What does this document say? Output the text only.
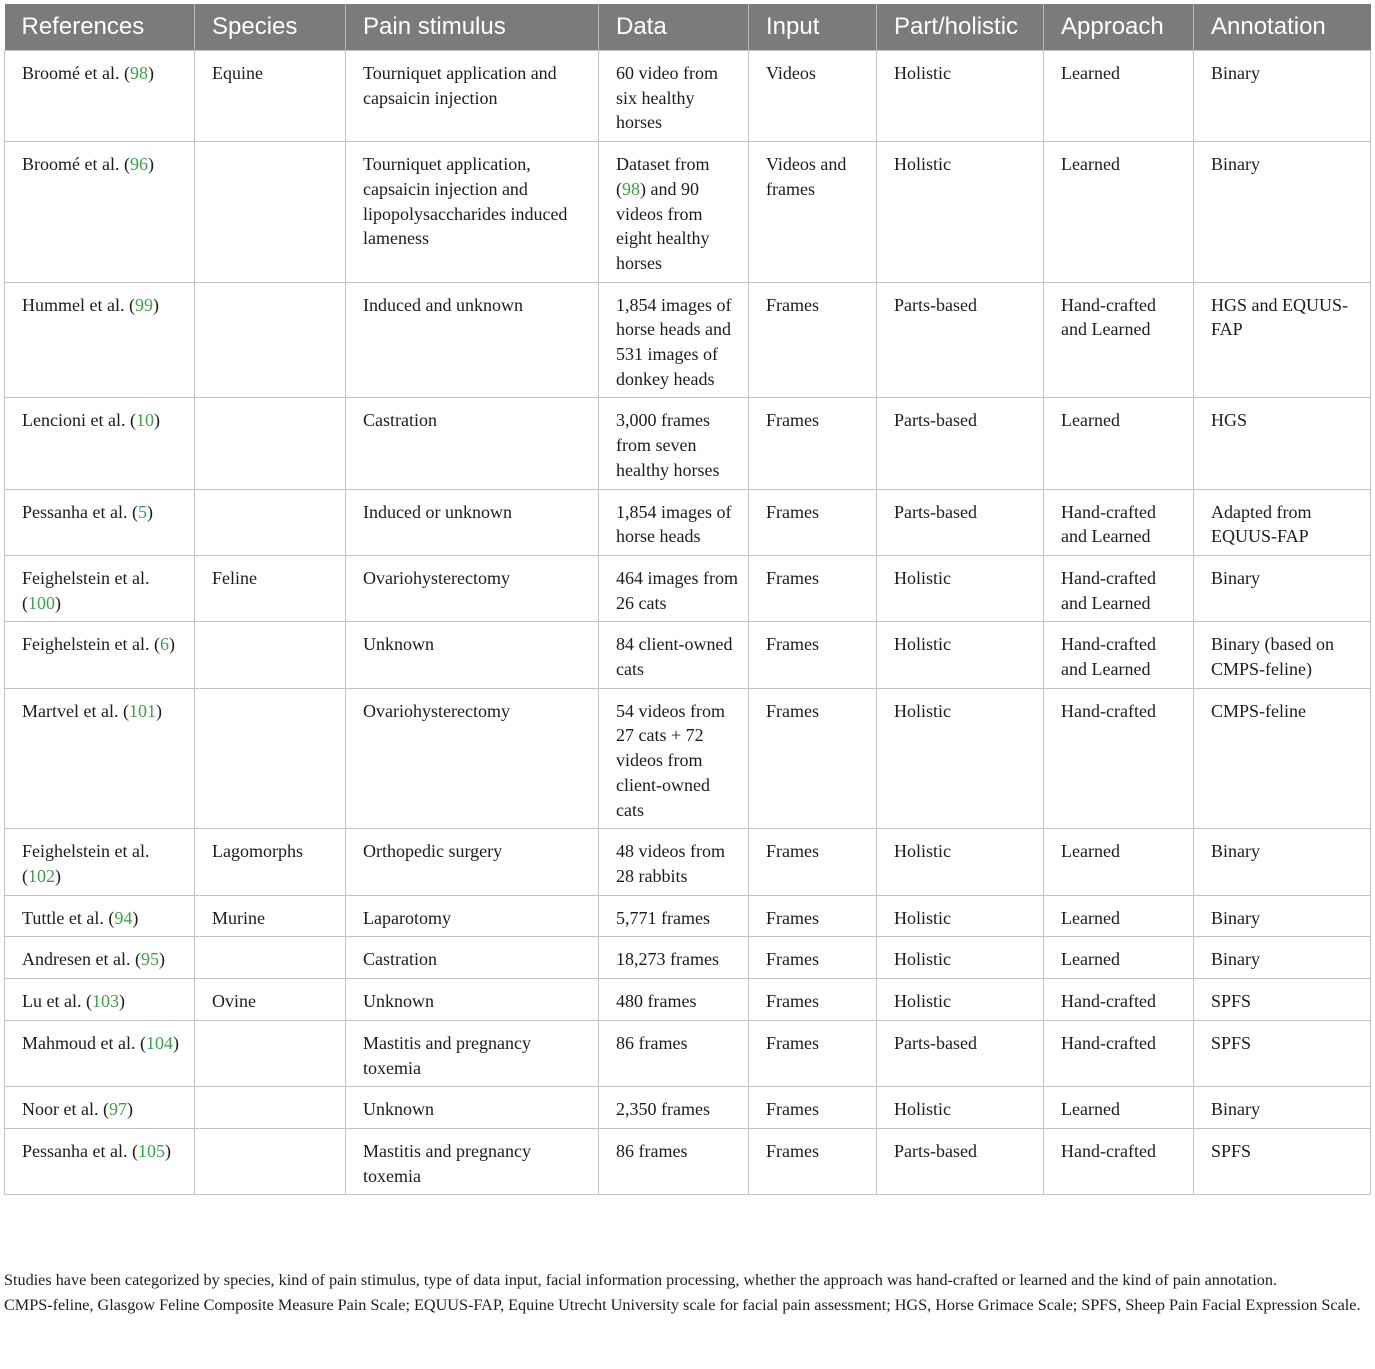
References	Species	Pain stimulus	Data	Input	Part/holistic	Approach	Annotation
Broomé et al. (98)	Equine	Tourniquet application and capsaicin injection	60 video from six healthy horses	Videos	Holistic	Learned	Binary
Broomé et al. (96)		Tourniquet application, capsaicin injection and lipopolysaccharides induced lameness	Dataset from (98) and 90 videos from eight healthy horses	Videos and frames	Holistic	Learned	Binary
Hummel et al. (99)		Induced and unknown	1,854 images of horse heads and 531 images of donkey heads	Frames	Parts-based	Hand-crafted and Learned	HGS and EQUUS-FAP
Lencioni et al. (10)		Castration	3,000 frames from seven healthy horses	Frames	Parts-based	Learned	HGS
Pessanha et al. (5)		Induced or unknown	1,854 images of horse heads	Frames	Parts-based	Hand-crafted and Learned	Adapted from EQUUS-FAP
Feighelstein et al. (100)	Feline	Ovariohysterectomy	464 images from 26 cats	Frames	Holistic	Hand-crafted and Learned	Binary
Feighelstein et al. (6)		Unknown	84 client-owned cats	Frames	Holistic	Hand-crafted and Learned	Binary (based on CMPS-feline)
Martvel et al. (101)		Ovariohysterectomy	54 videos from 27 cats + 72 videos from client-owned cats	Frames	Holistic	Hand-crafted	CMPS-feline
Feighelstein et al. (102)	Lagomorphs	Orthopedic surgery	48 videos from 28 rabbits	Frames	Holistic	Learned	Binary
Tuttle et al. (94)	Murine	Laparotomy	5,771 frames	Frames	Holistic	Learned	Binary
Andresen et al. (95)		Castration	18,273 frames	Frames	Holistic	Learned	Binary
Lu et al. (103)	Ovine	Unknown	480 frames	Frames	Holistic	Hand-crafted	SPFS
Mahmoud et al. (104)		Mastitis and pregnancy toxemia	86 frames	Frames	Parts-based	Hand-crafted	SPFS
Noor et al. (97)		Unknown	2,350 frames	Frames	Holistic	Learned	Binary
Pessanha et al. (105)		Mastitis and pregnancy toxemia	86 frames	Frames	Parts-based	Hand-crafted	SPFS

Studies have been categorized by species, kind of pain stimulus, type of data input, facial information processing, whether the approach was hand-crafted or learned and the kind of pain annotation.

CMPS-feline, Glasgow Feline Composite Measure Pain Scale; EQUUS-FAP, Equine Utrecht University scale for facial pain assessment; HGS, Horse Grimace Scale; SPFS, Sheep Pain Facial Expression Scale.
